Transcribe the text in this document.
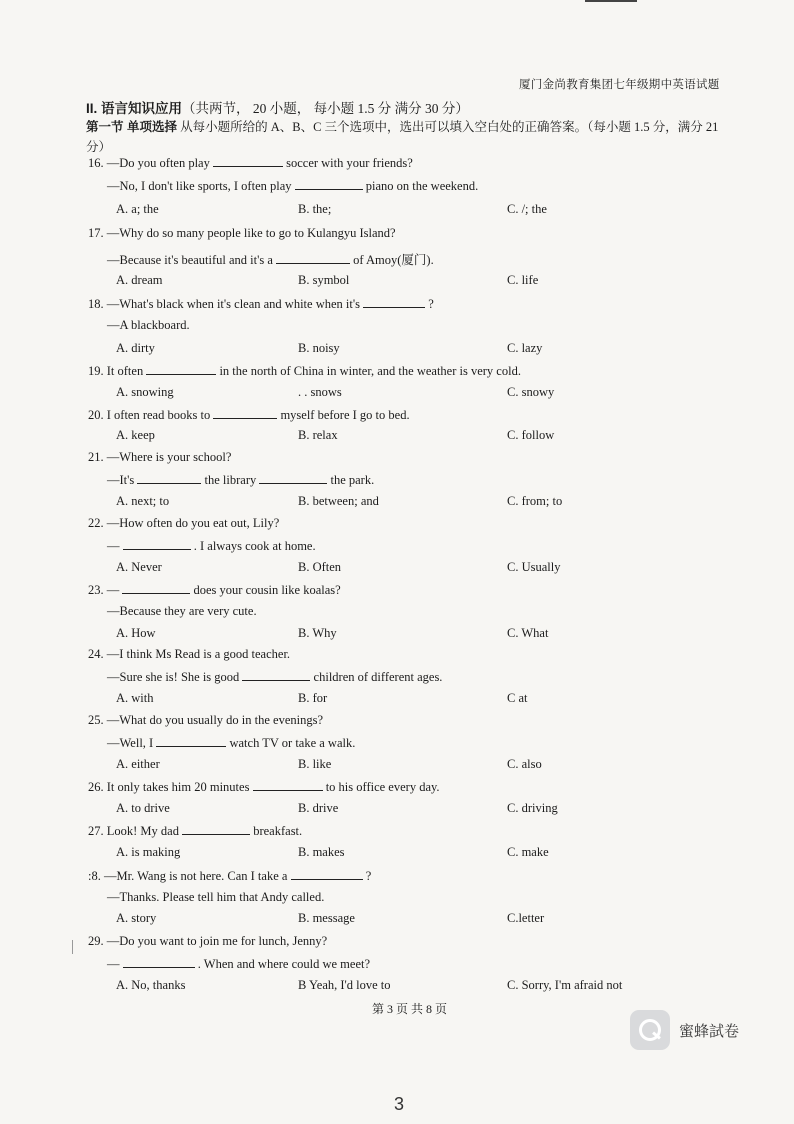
厦门金尚教育集团七年级期中英语试题
II. 语言知识应用（共两节， 20 小题， 每小题 1.5 分 满分 30 分）
第一节 单项选择 从每小题所给的 A、B、C 三个选项中，选出可以填入空白处的正确答案。（每小题 1.5 分，满分 21 分）
16. —Do you often play	soccer with your friends?
—No, I don't like sports, I often play	piano on the weekend.
A. a; the	B. the;	C. /; the
17. —Why do so many people like to go to Kulangyu Island?
—Because it's beautiful and it's a	of Amoy(厦门).
A. dream	B. symbol	C. life
18. —What's black when it's clean and white when it's	?
—A blackboard.
A. dirty	B. noisy	C. lazy
19. It often	in the north of China in winter, and the weather is very cold.
A. snowing	. . snows	C. snowy
20. I often read books to	myself before I go to bed.
A. keep	B. relax	C. follow
21. —Where is your school?
—It's	the library	the park.
A. next; to	B. between; and	C. from; to
22. —How often do you eat out, Lily?
—	. I always cook at home.
A. Never	B. Often	C. Usually
23. —	does your cousin like koalas?
—Because they are very cute.
A. How	B. Why	C. What
24. —I think Ms Read is a good teacher.
—Sure she is! She is good	children of different ages.
A. with	B. for	C at
25. —What do you usually do in the evenings?
—Well, I	watch TV or take a walk.
A. either	B. like	C. also
26. It only takes him 20 minutes	to his office every day.
A. to drive	B. drive	C. driving
27. Look! My dad	breakfast.
A. is making	B. makes	C. make
:8. —Mr. Wang is not here. Can I take a	?
—Thanks. Please tell him that Andy called.
A. story	B. message	C.letter
29. —Do you want to join me for lunch, Jenny?
—	. When and where could we meet?
A. No, thanks	B Yeah, I'd love to	C. Sorry, I'm afraid not
第 3 页 共 8 页
蜜蜂試卷
3
